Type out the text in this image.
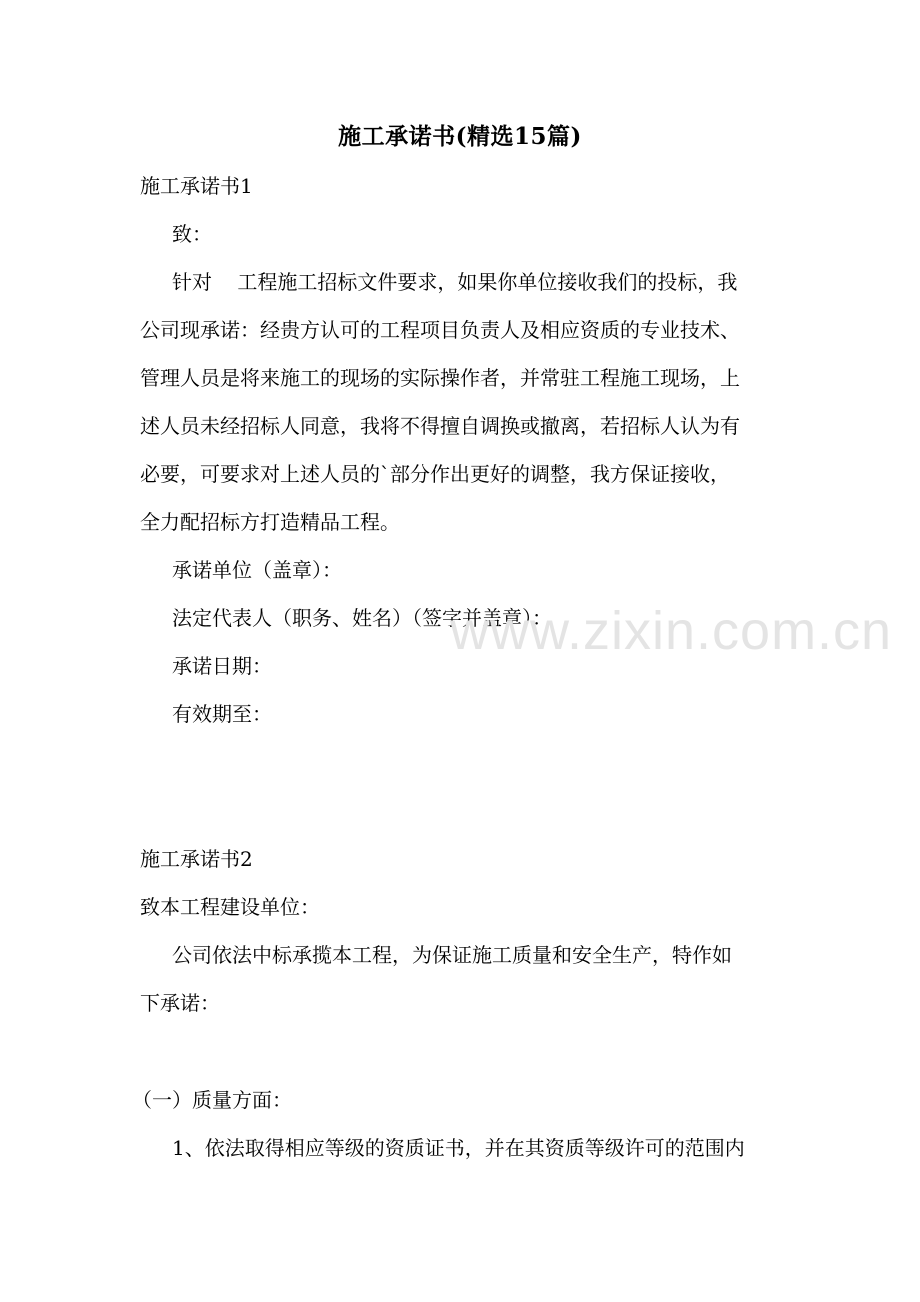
施工承诺书(精选15篇)
施工承诺书1
致：
针对    工程施工招标文件要求，如果你单位接收我们的投标，我
公司现承诺：经贵方认可的工程项目负责人及相应资质的专业技术、
管理人员是将来施工的现场的实际操作者，并常驻工程施工现场，上
述人员未经招标人同意，我将不得擅自调换或撤离，若招标人认为有
必要，可要求对上述人员的`部分作出更好的调整，我方保证接收，
全力配招标方打造精品工程。
承诺单位（盖章）：
法定代表人（职务、姓名）（签字并盖章）：
承诺日期：
有效期至：
施工承诺书2
致本工程建设单位：
公司依法中标承揽本工程，为保证施工质量和安全生产，特作如
下承诺：
（一）质量方面：
1、依法取得相应等级的资质证书，并在其资质等级许可的范围内
www.zixin.com.cn
